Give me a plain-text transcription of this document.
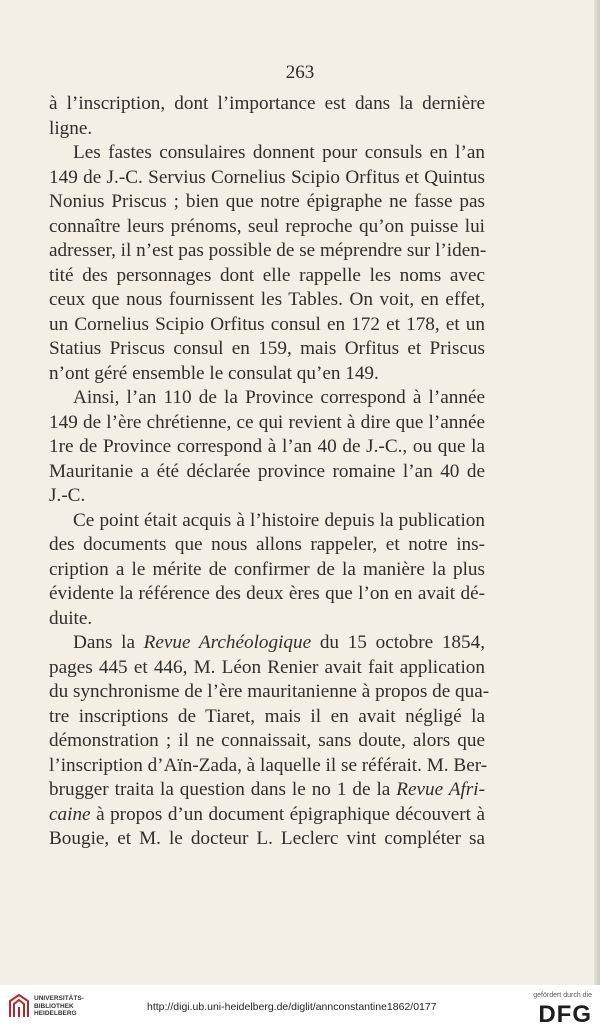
263
à l’inscription, dont l’importance est dans la dernière
ligne.
Les fastes consulaires donnent pour consuls en l’an
149 de J.-C. Servius Cornelius Scipio Orfitus et Quintus
Nonius Priscus ; bien que notre épigraphe ne fasse pas
connaître leurs prénoms, seul reproche qu’on puisse lui
adresser, il n’est pas possible de se méprendre sur l’iden-
tité des personnages dont elle rappelle les noms avec
ceux que nous fournissent les Tables. On voit, en effet,
un Cornelius Scipio Orfitus consul en 172 et 178, et un
Statius Priscus consul en 159, mais Orfitus et Priscus
n’ont géré ensemble le consulat qu’en 149.
Ainsi, l’an 110 de la Province correspond à l’année
149 de l’ère chrétienne, ce qui revient à dire que l’année
1re de Province correspond à l’an 40 de J.-C., ou que la
Mauritanie a été déclarée province romaine l’an 40 de
J.-C.
Ce point était acquis à l’histoire depuis la publication
des documents que nous allons rappeler, et notre ins-
cription a le mérite de confirmer de la manière la plus
évidente la référence des deux ères que l’on en avait dé-
duite.
Dans la Revue Archéologique du 15 octobre 1854,
pages 445 et 446, M. Léon Renier avait fait application
du synchronisme de l’ère mauritanienne à propos de qua-
tre inscriptions de Tiaret, mais il en avait négligé la
démonstration ; il ne connaissait, sans doute, alors que
l’inscription d’Aïn-Zada, à laquelle il se référait. M. Ber-
brugger traita la question dans le no 1 de la Revue Afri-
caine à propos d’un document épigraphique découvert à
Bougie, et M. le docteur L. Leclerc vint compléter sa
UNIVERSITÄTS-
BIBLIOTHEK
HEIDELBERG
http://digi.ub.uni-heidelberg.de/diglit/annconstantine1862/0177
gefördert durch die
DFG
